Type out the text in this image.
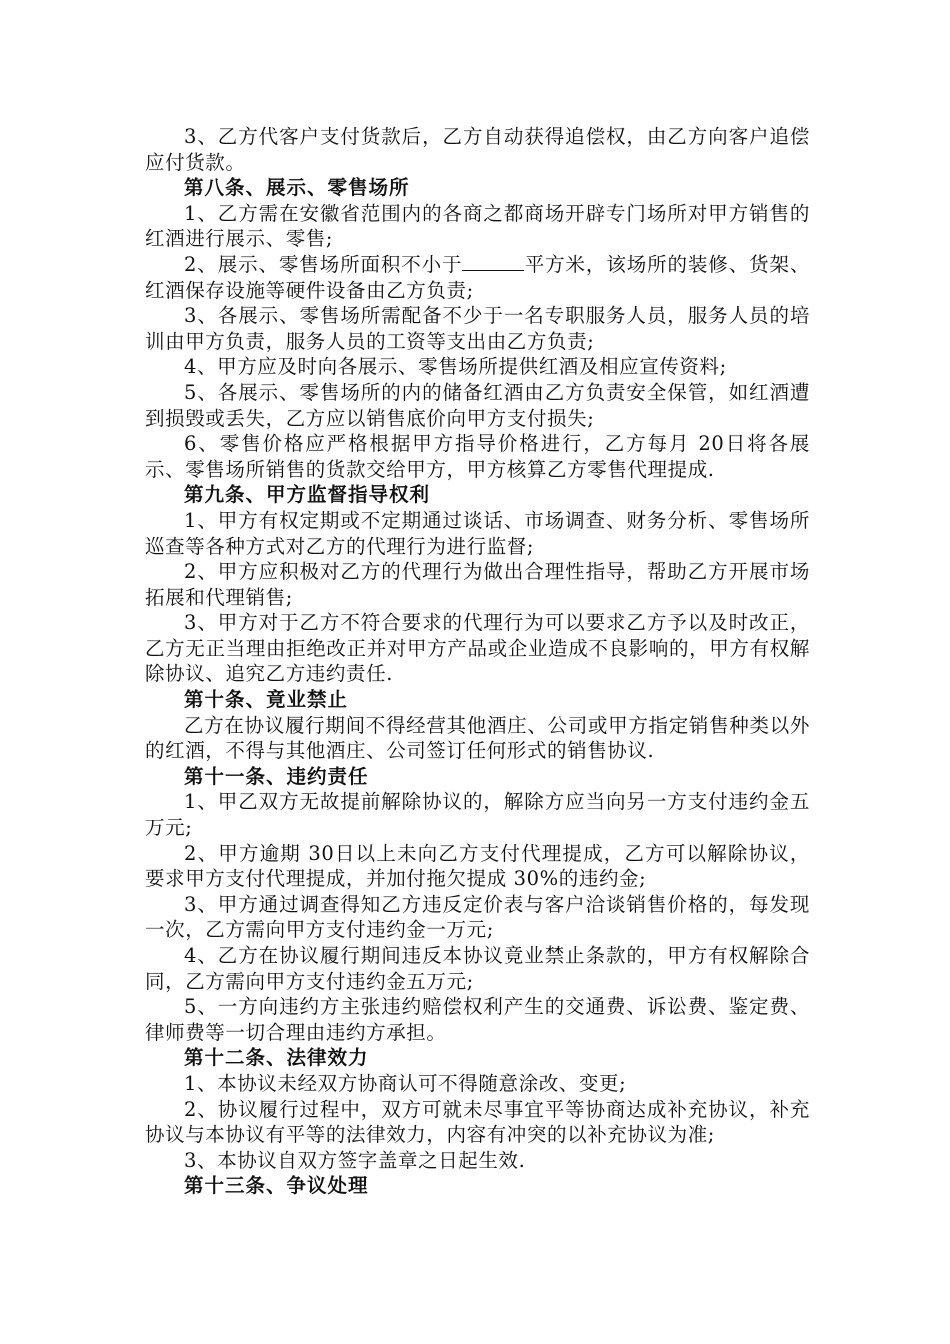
3、乙方代客户支付货款后，乙方自动获得追偿权，由乙方向客户追偿应付货款。

第八条、展示、零售场所

1、乙方需在安徽省范围内的各商之都商场开辟专门场所对甲方销售的红酒进行展示、零售;

2、展示、零售场所面积不小于	平方米，该场所的装修、货架、红酒保存设施等硬件设备由乙方负责;

3、各展示、零售场所需配备不少于一名专职服务人员，服务人员的培训由甲方负责，服务人员的工资等支出由乙方负责;

4、甲方应及时向各展示、零售场所提供红酒及相应宣传资料;

5、各展示、零售场所的内的储备红酒由乙方负责安全保管，如红酒遭到损毁或丢失，乙方应以销售底价向甲方支付损失;

6、零售价格应严格根据甲方指导价格进行，乙方每月 20日将各展示、零售场所销售的货款交给甲方，甲方核算乙方零售代理提成.

第九条、甲方监督指导权利

1、甲方有权定期或不定期通过谈话、市场调查、财务分析、零售场所巡查等各种方式对乙方的代理行为进行监督;

2、甲方应积极对乙方的代理行为做出合理性指导，帮助乙方开展市场拓展和代理销售;

3、甲方对于乙方不符合要求的代理行为可以要求乙方予以及时改正，乙方无正当理由拒绝改正并对甲方产品或企业造成不良影响的，甲方有权解除协议、追究乙方违约责任.

第十条、竟业禁止

乙方在协议履行期间不得经营其他酒庄、公司或甲方指定销售种类以外的红酒，不得与其他酒庄、公司签订任何形式的销售协议.

第十一条、违约责任

1、甲乙双方无故提前解除协议的，解除方应当向另一方支付违约金五万元;

2、甲方逾期 30日以上未向乙方支付代理提成，乙方可以解除协议，要求甲方支付代理提成，并加付拖欠提成 30%的违约金;

3、甲方通过调查得知乙方违反定价表与客户洽谈销售价格的，每发现一次，乙方需向甲方支付违约金一万元;

4、乙方在协议履行期间违反本协议竟业禁止条款的，甲方有权解除合同，乙方需向甲方支付违约金五万元;

5、一方向违约方主张违约赔偿权利产生的交通费、诉讼费、鉴定费、律师费等一切合理由违约方承担。

第十二条、法律效力

1、本协议未经双方协商认可不得随意涂改、变更;

2、协议履行过程中，双方可就未尽事宜平等协商达成补充协议，补充协议与本协议有平等的法律效力，内容有冲突的以补充协议为准;

3、本协议自双方签字盖章之日起生效.

第十三条、争议处理
